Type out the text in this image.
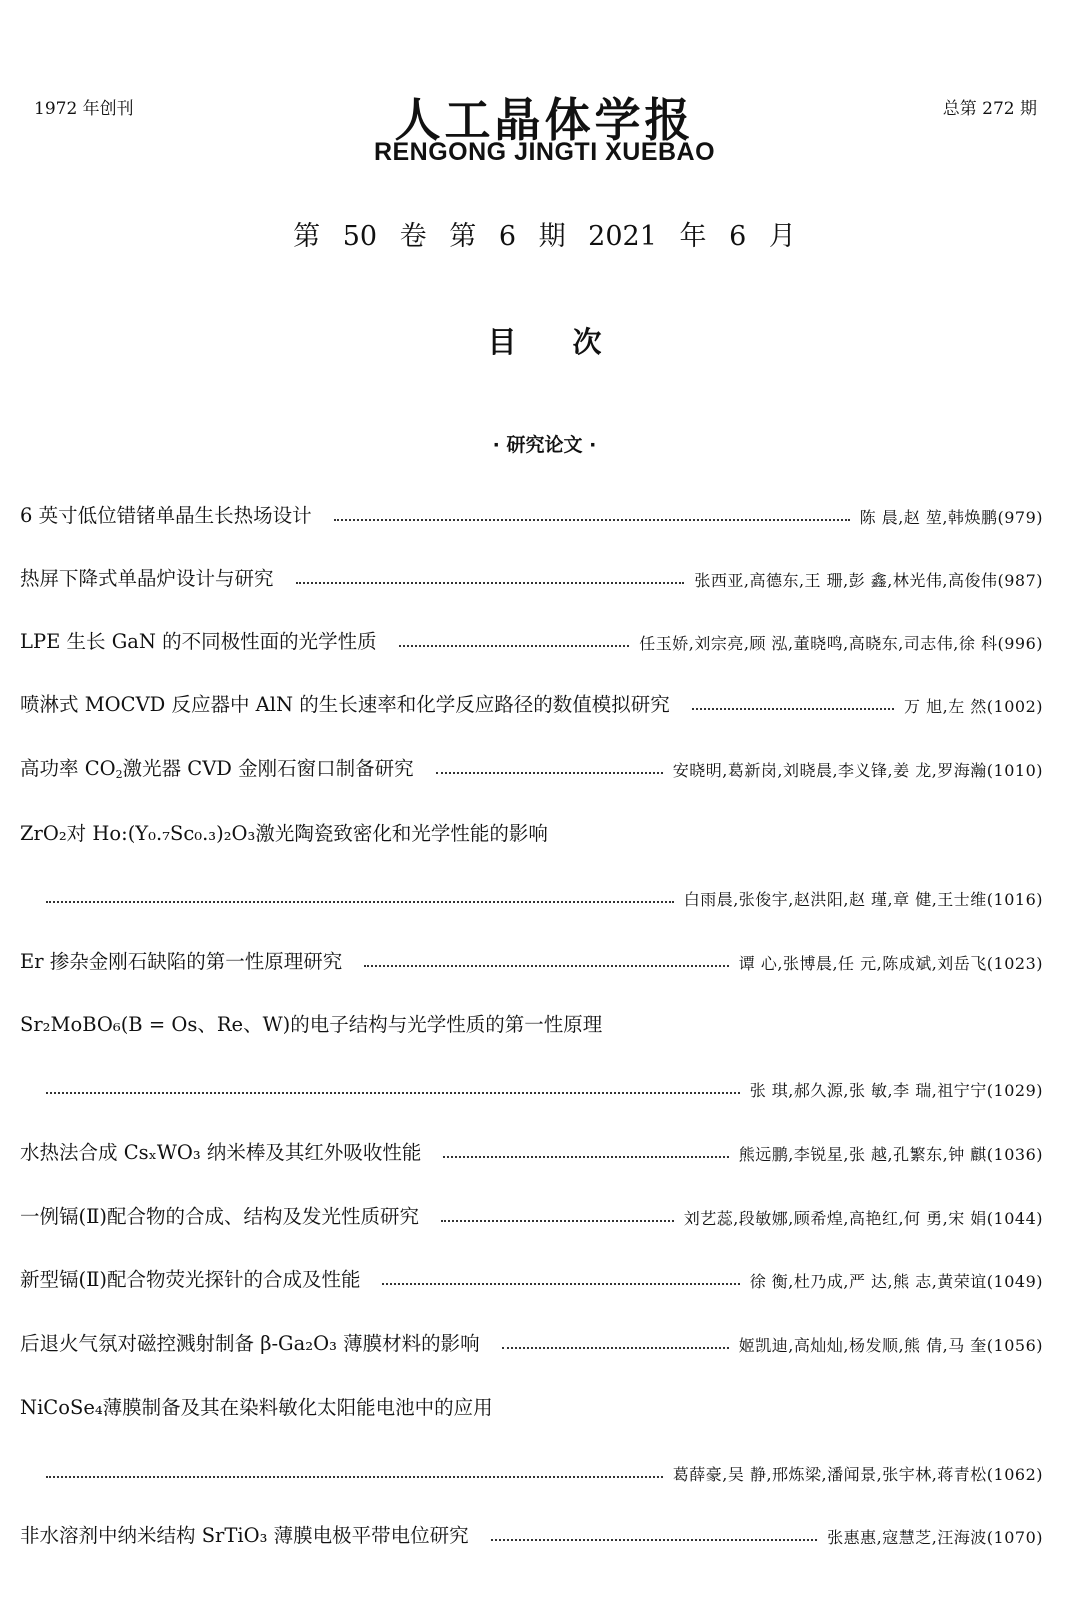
1972 年创刊	总第 272 期
人工晶体学报
RENGONG JINGTI XUEBAO
第 50 卷 第 6 期 2021 年 6 月
目次
· 研究论文 ·
6 英寸低位错锗单晶生长热场设计	陈 晨,赵 堃,韩焕鹏(979)
热屏下降式单晶炉设计与研究	张西亚,高德东,王 珊,彭 鑫,林光伟,高俊伟(987)
LPE 生长 GaN 的不同极性面的光学性质	任玉娇,刘宗亮,顾 泓,董晓鸣,高晓东,司志伟,徐 科(996)
喷淋式 MOCVD 反应器中 AlN 的生长速率和化学反应路径的数值模拟研究	万 旭,左 然(1002)
高功率 $CO_2$激光器 CVD 金刚石窗口制备研究	安晓明,葛新岗,刘晓晨,李义锋,姜 龙,罗海瀚(1010)
ZrO₂对 Ho:(Y₀.₇Sc₀.₃)₂O₃激光陶瓷致密化和光学性能的影响
白雨晨,张俊宇,赵洪阳,赵 瑾,章 健,王士维(1016)
Er 掺杂金刚石缺陷的第一性原理研究	谭 心,张博晨,任 元,陈成斌,刘岳飞(1023)
Sr₂MoBO₆(B = Os、Re、W)的电子结构与光学性质的第一性原理
张 琪,郝久源,张 敏,李 瑞,祖宁宁(1029)
水热法合成 CsₓWO₃ 纳米棒及其红外吸收性能	熊远鹏,李锐星,张 越,孔繁东,钟 麒(1036)
一例镉(Ⅱ)配合物的合成、结构及发光性质研究	刘艺蕊,段敏娜,顾希煌,高艳红,何 勇,宋 娟(1044)
新型镉(Ⅱ)配合物荧光探针的合成及性能	徐 衡,杜乃成,严 达,熊 志,黄荣谊(1049)
后退火气氛对磁控溅射制备 β-Ga₂O₃ 薄膜材料的影响	姬凯迪,高灿灿,杨发顺,熊 倩,马 奎(1056)
NiCoSe₄薄膜制备及其在染料敏化太阳能电池中的应用
葛薛豪,吴 静,邢炼梁,潘闻景,张宇林,蒋青松(1062)
非水溶剂中纳米结构 SrTiO₃ 薄膜电极平带电位研究	张惠惠,寇慧芝,汪海波(1070)
